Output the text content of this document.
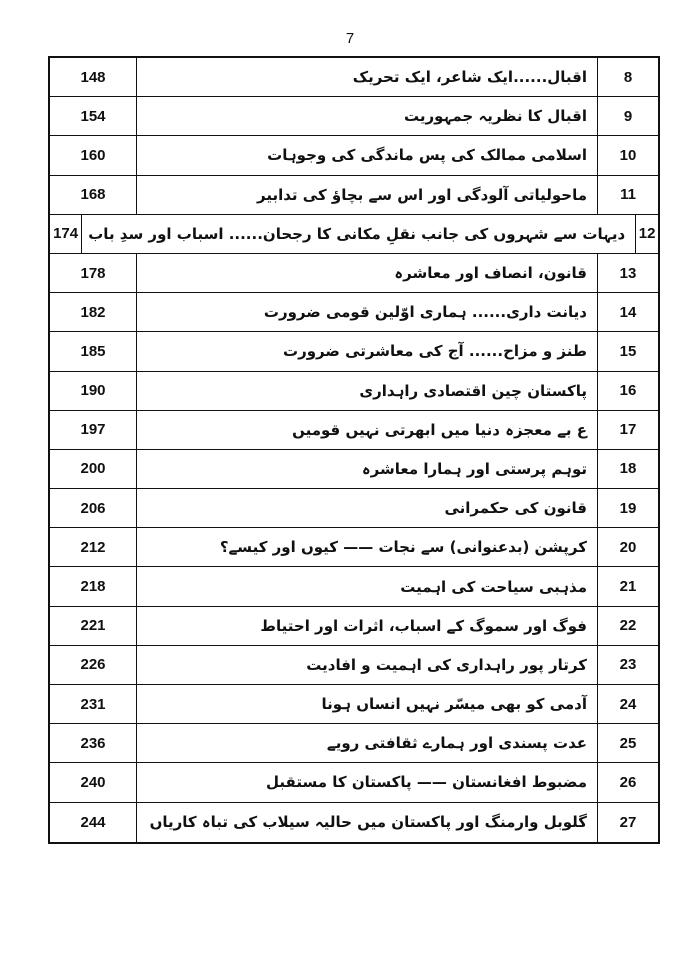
7
148	اقبال......ایک شاعر، ایک تحریک	8
154	اقبال کا نظریہ جمہوریت	9
160	اسلامی ممالک کی پس ماندگی کی وجوہات	10
168	ماحولیاتی آلودگی اور اس سے بچاؤ کی تدابیر	11
174 دیہات سے شہروں کی جانب نقلِ مکانی کا رجحان...... اسباب اور سدِ باب 12
178	قانون، انصاف اور معاشرہ	13
182	دیانت داری...... ہماری اوّلین قومی ضرورت	14
185	طنز و مزاح...... آج کی معاشرتی ضرورت	15
190	پاکستان چین اقتصادی راہداری	16
197	ع بے معجزہ دنیا میں ابھرتی نہیں قومیں	17
200	توہم پرستی اور ہمارا معاشرہ	18
206	قانون کی حکمرانی	19
212	کرپشن (بدعنوانی) سے نجات —— کیوں اور کیسے؟	20
218	مذہبی سیاحت کی اہمیت	21
221	فوگ اور سموگ کے اسباب، اثرات اور احتیاط	22
226	کرتار پور راہداری کی اہمیت و افادیت	23
231	آدمی کو بھی میسّر نہیں انساں ہونا	24
236	عدت پسندی اور ہمارے ثقافتی رویے	25
240	مضبوط افغانستان —— پاکستان کا مستقبل	26
244	گلوبل وارمنگ اور پاکستان میں حالیہ سیلاب کی تباہ کاریاں	27
